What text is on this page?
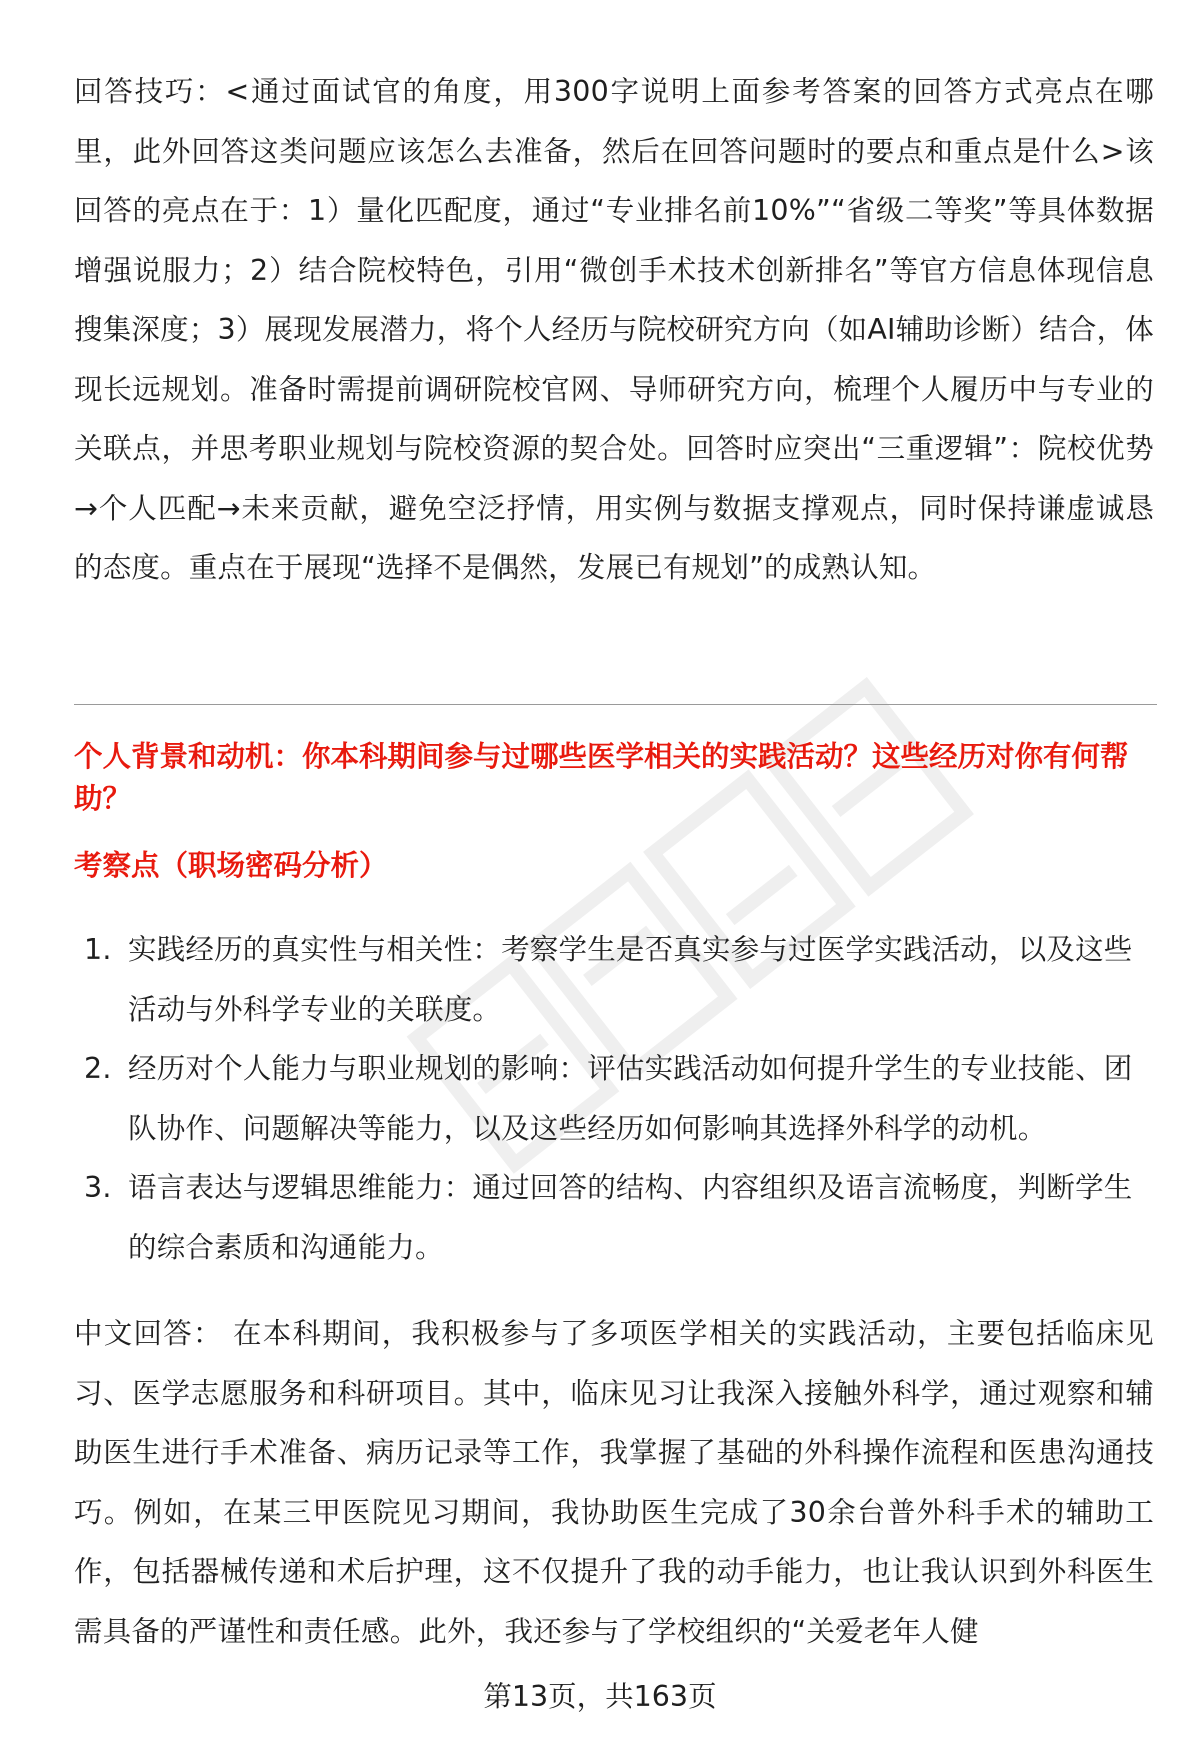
回答技巧：<通过面试官的角度，用300字说明上面参考答案的回答方式亮点在哪里，此外回答这类问题应该怎么去准备，然后在回答问题时的要点和重点是什么>该回答的亮点在于：1）量化匹配度，通过“专业排名前10%”“省级二等奖”等具体数据增强说服力；2）结合院校特色，引用“微创手术技术创新排名”等官方信息体现信息搜集深度；3）展现发展潜力，将个人经历与院校研究方向（如AI辅助诊断）结合，体现长远规划。准备时需提前调研院校官网、导师研究方向，梳理个人履历中与专业的关联点，并思考职业规划与院校资源的契合处。回答时应突出“三重逻辑”：院校优势→个人匹配→未来贡献，避免空泛抒情，用实例与数据支撑观点，同时保持谦虚诚恳的态度。重点在于展现“选择不是偶然，发展已有规划”的成熟认知。

个人背景和动机：你本科期间参与过哪些医学相关的实践活动？这些经历对你有何帮助？

考察点（职场密码分析）

1. 实践经历的真实性与相关性：考察学生是否真实参与过医学实践活动，以及这些活动与外科学专业的关联度。
2. 经历对个人能力与职业规划的影响：评估实践活动如何提升学生的专业技能、团队协作、问题解决等能力，以及这些经历如何影响其选择外科学的动机。
3. 语言表达与逻辑思维能力：通过回答的结构、内容组织及语言流畅度，判断学生的综合素质和沟通能力。

中文回答： 在本科期间，我积极参与了多项医学相关的实践活动，主要包括临床见习、医学志愿服务和科研项目。其中，临床见习让我深入接触外科学，通过观察和辅助医生进行手术准备、病历记录等工作，我掌握了基础的外科操作流程和医患沟通技巧。例如，在某三甲医院见习期间，我协助医生完成了30余台普外科手术的辅助工作，包括器械传递和术后护理，这不仅提升了我的动手能力，也让我认识到外科医生需具备的严谨性和责任感。此外，我还参与了学校组织的“关爱老年人健

第13页，共163页
